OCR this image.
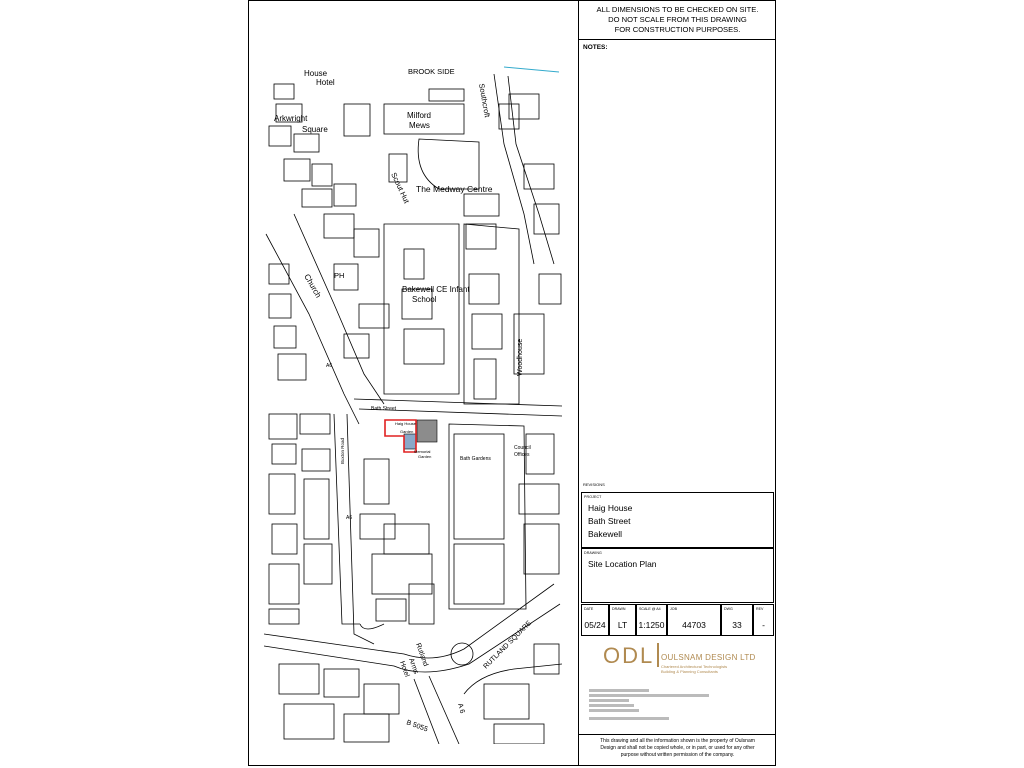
House
Hotel
BROOK SIDE
Arkwright
Square
Milford
Mews
Southcroft
The Medway Centre
Scout Hut
Bakewell CE Infant
School
Church PH
A6	Woodhouse
Bath Street
Haig House
Garden
Memorial
Garden	Bath Gardens
Council
Offices
Buxton Road
A6
Rutland
Arms
Hotel	RUTLAND SQUARE
A 6
B 5055
ALL DIMENSIONS TO BE CHECKED ON SITE.
DO NOT SCALE FROM THIS DRAWING
FOR CONSTRUCTION PURPOSES.
NOTES:
REVISIONS
PROJECT
Haig House
Bath Street
Bakewell
DRAWING
Site Location Plan
DATE
05/24
DRAWN
LT
SCALE @ A4
1:1250
JOB
44703
DWG
33
REV
-
ODL OULSNAM DESIGN LTD
Chartered Architectural Technologists
Building & Planning Consultants
This drawing and all the information shown is the property of Oulsnam
Design and shall not be copied whole, or in part, or used for any other
purpose without written permission of the company.
